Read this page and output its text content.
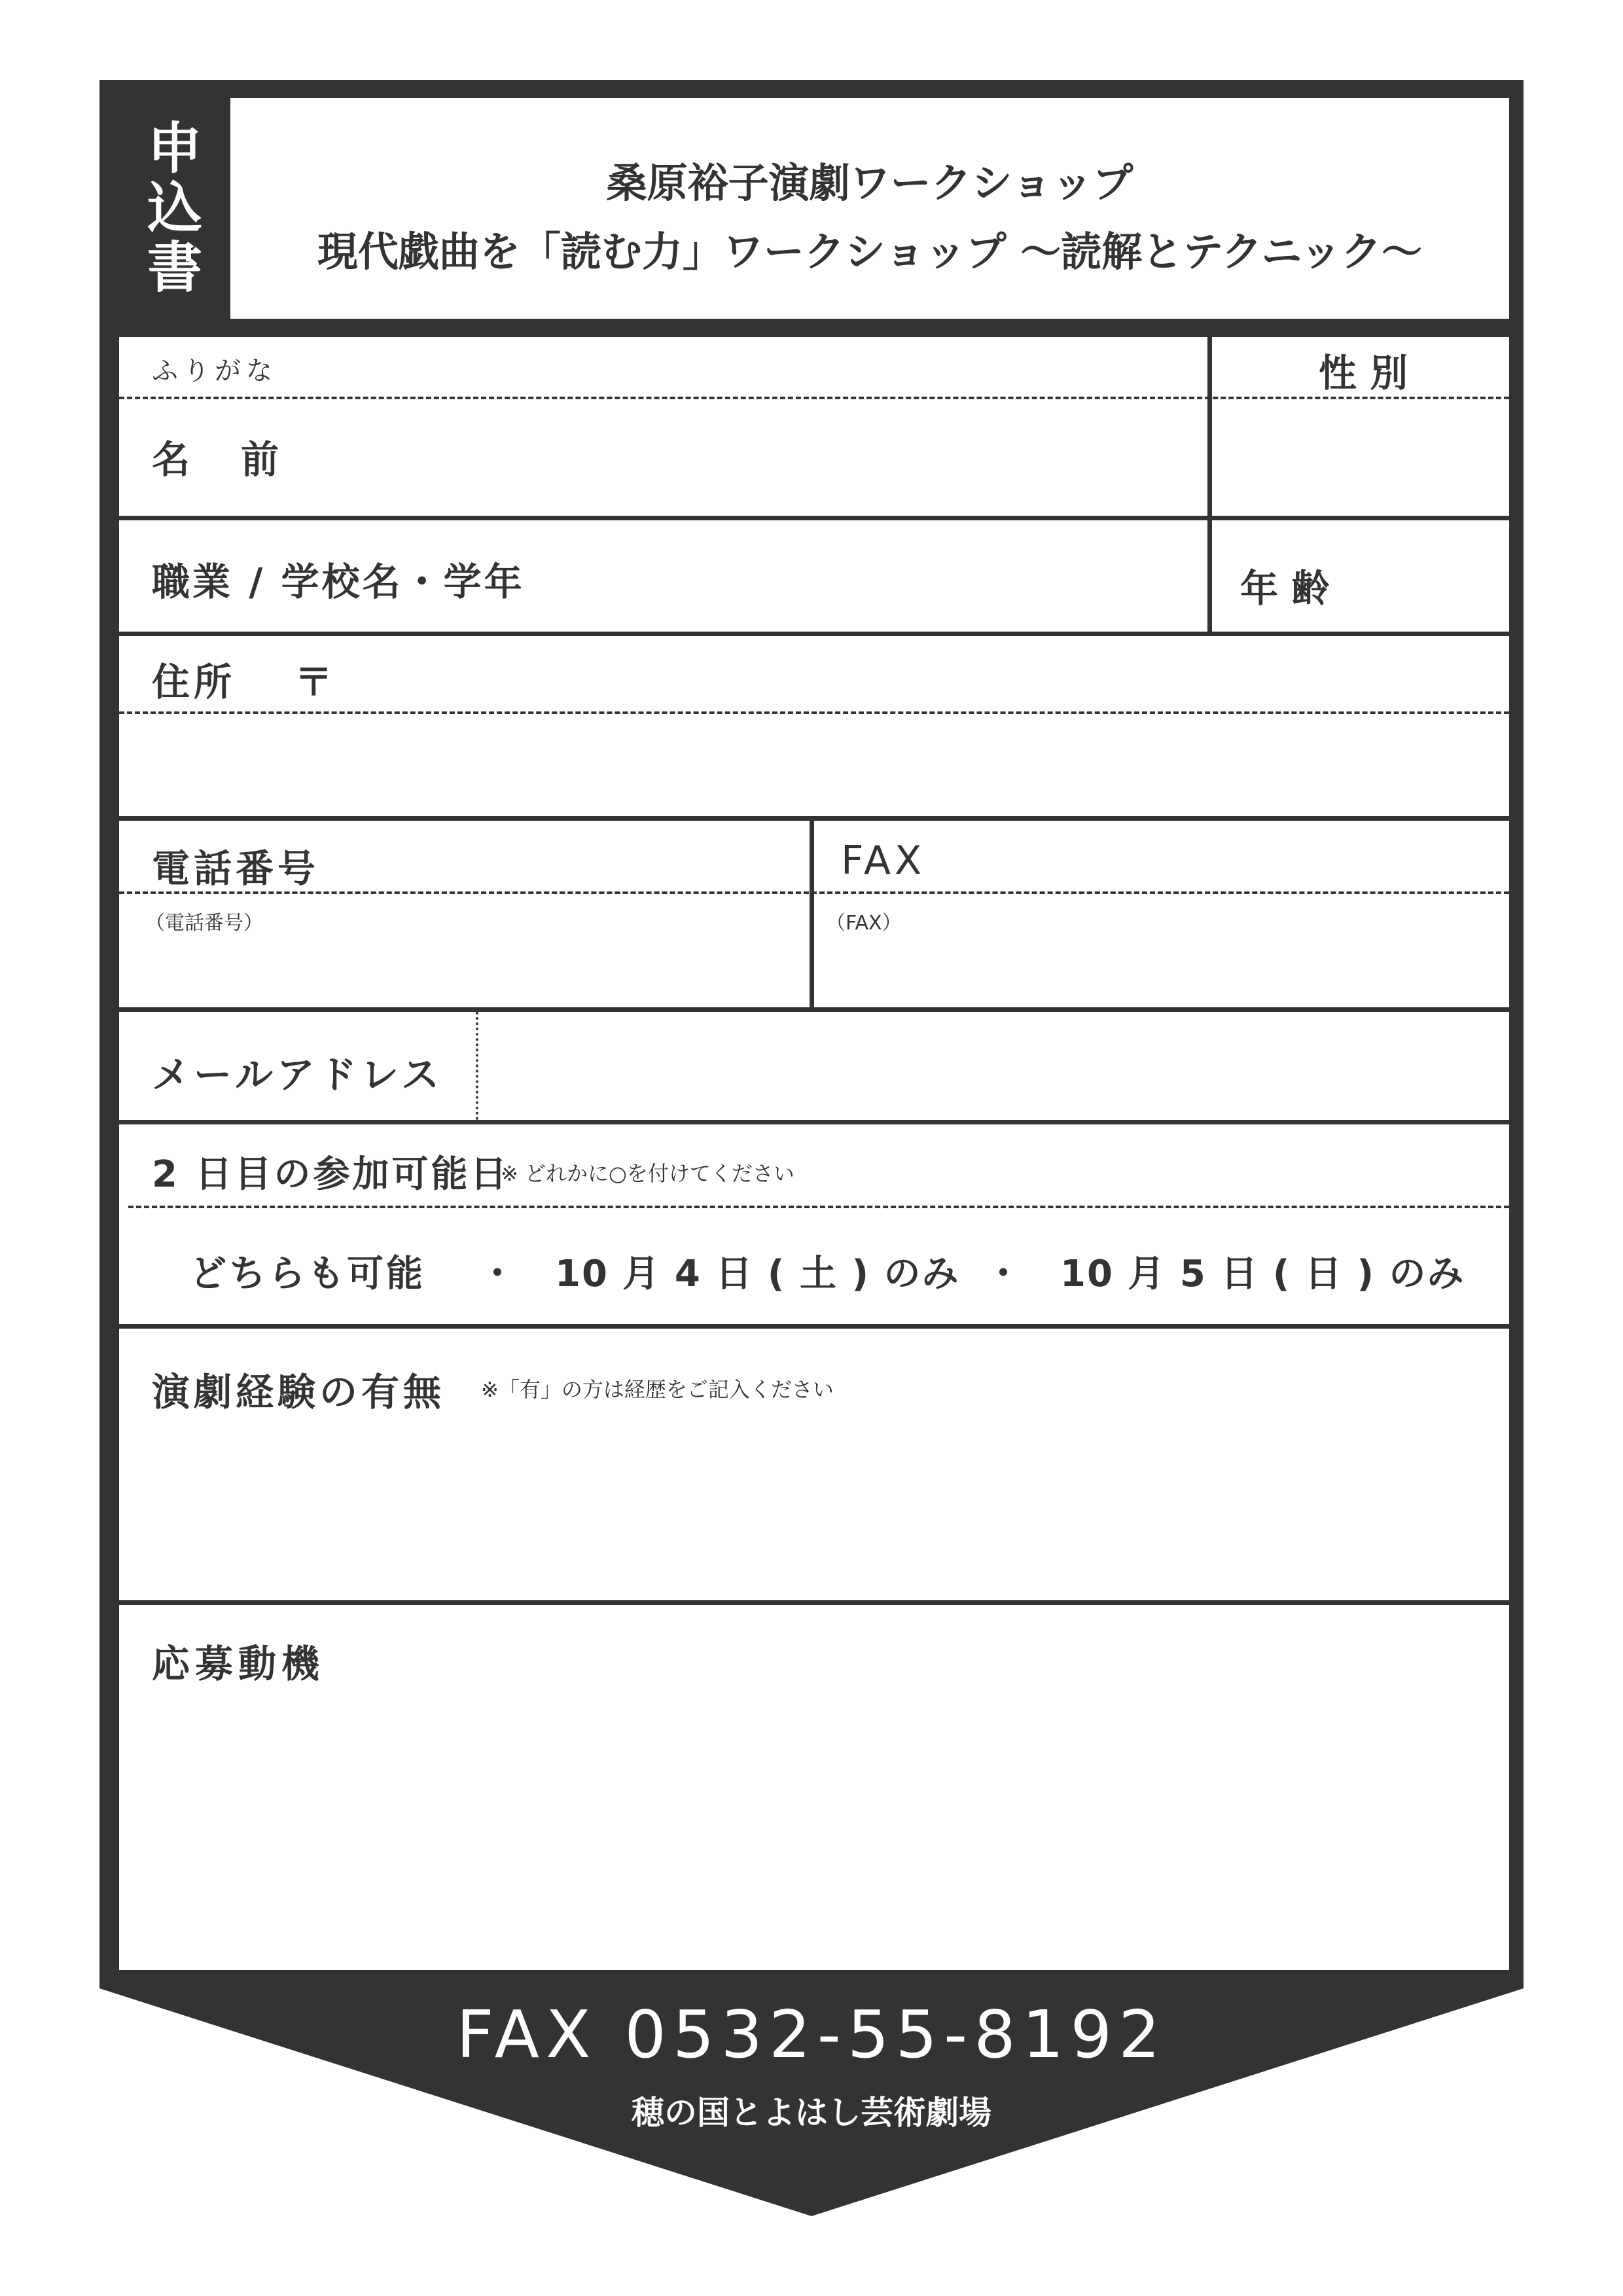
申
込
書
桑原裕子演劇ワークショップ
現代戯曲を「読む力」ワークショップ 〜読解とテクニック〜
ふりがな	性 別
名　前
職業 / 学校名・学年	年 齢
住所　 〒
電話番号
（電話番号）
FAX
（FAX）
メールアドレス
2 日目の参加可能日
※ どれかに○を付けてください
どちらも可能 ・ 10 月 4 日 ( 土 ) のみ ・ 10 月 5 日 ( 日 ) のみ
演劇経験の有無 ※「有」の方は経歴をご記入ください
応募動機
FAX 0532-55-8192
穂の国とよはし芸術劇場
